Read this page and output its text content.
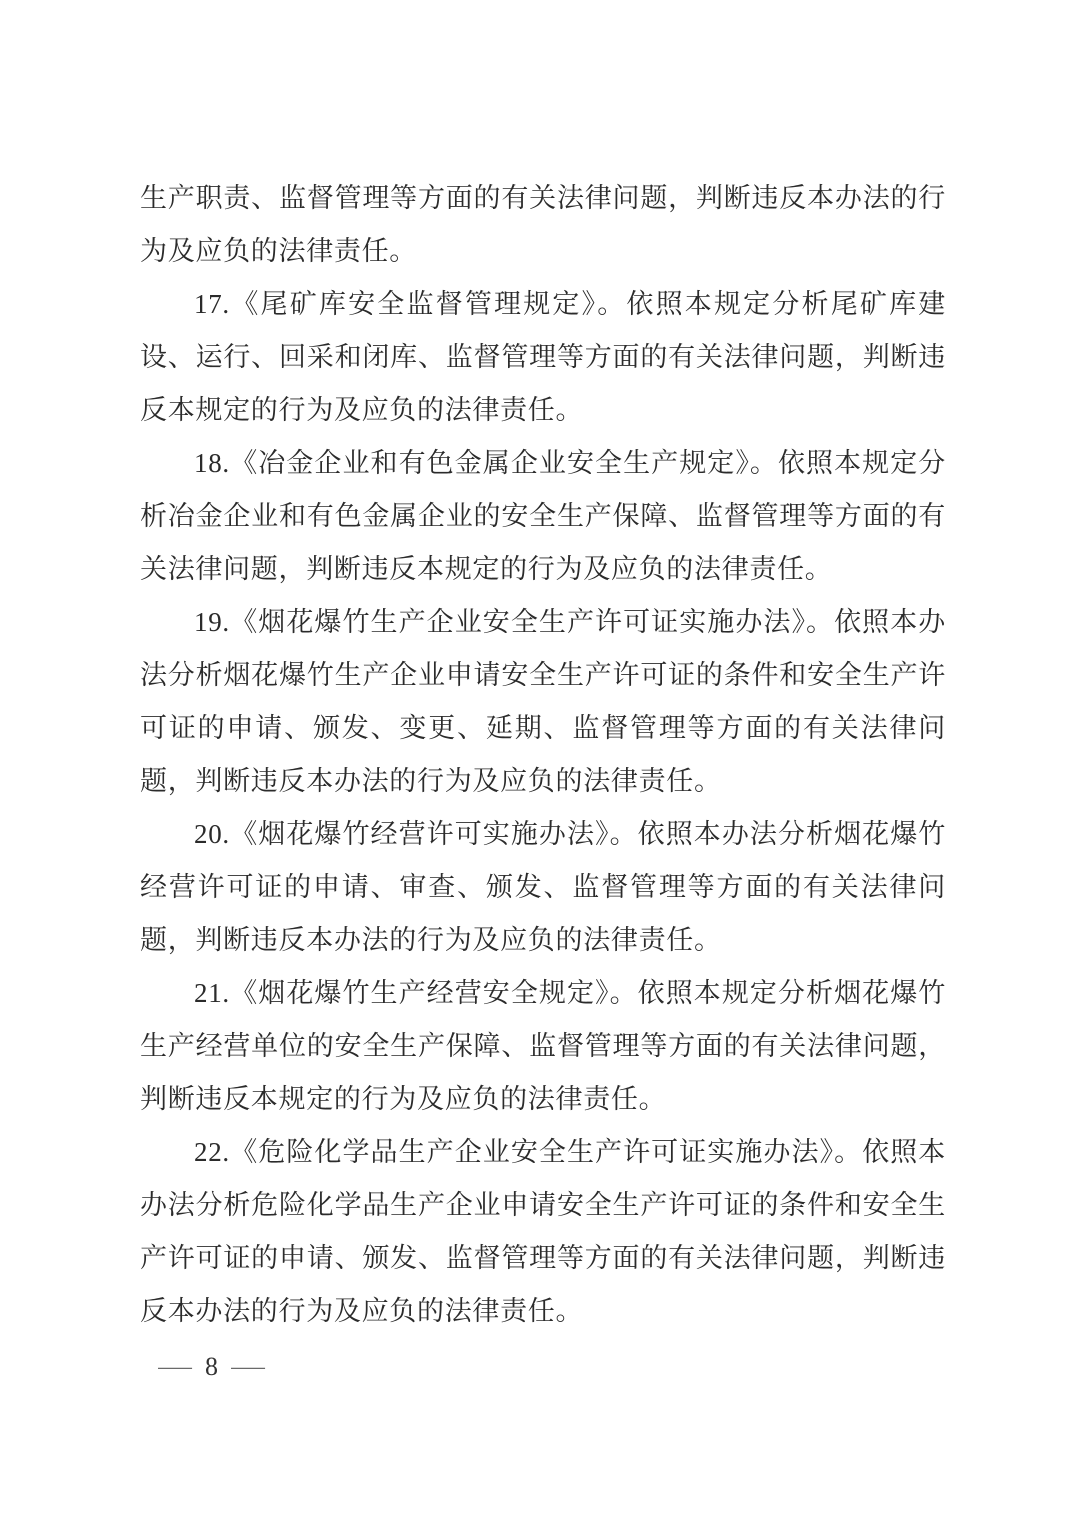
生产职责、监督管理等方面的有关法律问题，判断违反本办法的行为及应负的法律责任。

17.《尾矿库安全监督管理规定》。依照本规定分析尾矿库建设、运行、回采和闭库、监督管理等方面的有关法律问题，判断违反本规定的行为及应负的法律责任。

18.《冶金企业和有色金属企业安全生产规定》。依照本规定分析冶金企业和有色金属企业的安全生产保障、监督管理等方面的有关法律问题，判断违反本规定的行为及应负的法律责任。

19.《烟花爆竹生产企业安全生产许可证实施办法》。依照本办法分析烟花爆竹生产企业申请安全生产许可证的条件和安全生产许可证的申请、颁发、变更、延期、监督管理等方面的有关法律问题，判断违反本办法的行为及应负的法律责任。

20.《烟花爆竹经营许可实施办法》。依照本办法分析烟花爆竹经营许可证的申请、审查、颁发、监督管理等方面的有关法律问题，判断违反本办法的行为及应负的法律责任。

21.《烟花爆竹生产经营安全规定》。依照本规定分析烟花爆竹生产经营单位的安全生产保障、监督管理等方面的有关法律问题，判断违反本规定的行为及应负的法律责任。

22.《危险化学品生产企业安全生产许可证实施办法》。依照本办法分析危险化学品生产企业申请安全生产许可证的条件和安全生产许可证的申请、颁发、监督管理等方面的有关法律问题，判断违反本办法的行为及应负的法律责任。

— 8 —
